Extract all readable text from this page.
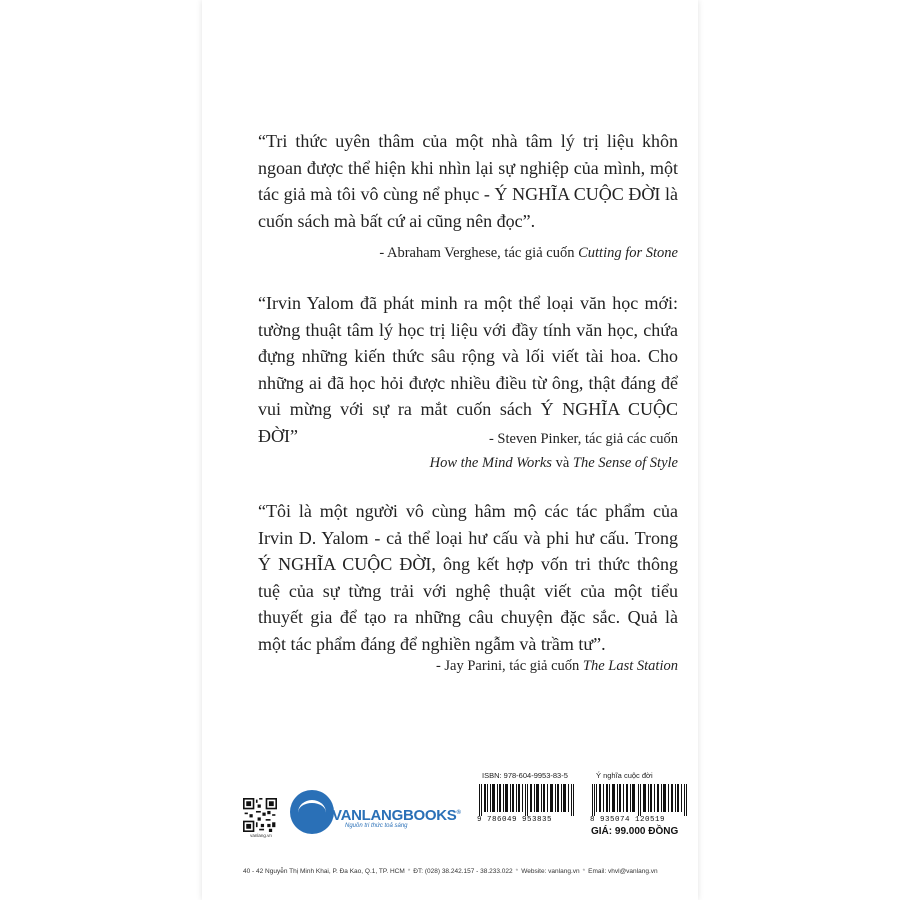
“Tri thức uyên thâm của một nhà tâm lý trị liệu khôn ngoan được thể hiện khi nhìn lại sự nghiệp của mình, một tác giả mà tôi vô cùng nể phục - Ý NGHĨA CUỘC ĐỜI là cuốn sách mà bất cứ ai cũng nên đọc”.

- Abraham Verghese, tác giả cuốn Cutting for Stone

“Irvin Yalom đã phát minh ra một thể loại văn học mới: tường thuật tâm lý học trị liệu với đầy tính văn học, chứa đựng những kiến thức sâu rộng và lối viết tài hoa. Cho những ai đã học hỏi được nhiều điều từ ông, thật đáng để vui mừng với sự ra mắt cuốn sách Ý NGHĨA CUỘC ĐỜI”	- Steven Pinker, tác giả các cuốn
How the Mind Works và The Sense of Style

“Tôi là một người vô cùng hâm mộ các tác phẩm của Irvin D. Yalom - cả thể loại hư cấu và phi hư cấu. Trong Ý NGHĨA CUỘC ĐỜI, ông kết hợp vốn tri thức thông tuệ của sự từng trải với nghệ thuật viết của một tiểu thuyết gia để tạo ra những câu chuyện đặc sắc. Quả là một tác phẩm đáng để nghiền ngẫm và trầm tư”.

- Jay Parini, tác giả cuốn The Last Station
vanlang.vn
VANLANGBOOKS®
Nguồn tri thức toả sáng
ISBN: 978-604-9953-83-5
9 786049 953835
Ý nghĩa cuộc đời
8 935074 120519
GIÁ: 99.000 ĐỒNG
40 - 42 Nguyễn Thị Minh Khai, P. Đa Kao, Q.1, TP. HCM * ĐT: (028) 38.242.157 - 38.233.022 * Website: vanlang.vn * Email: vhvl@vanlang.vn
